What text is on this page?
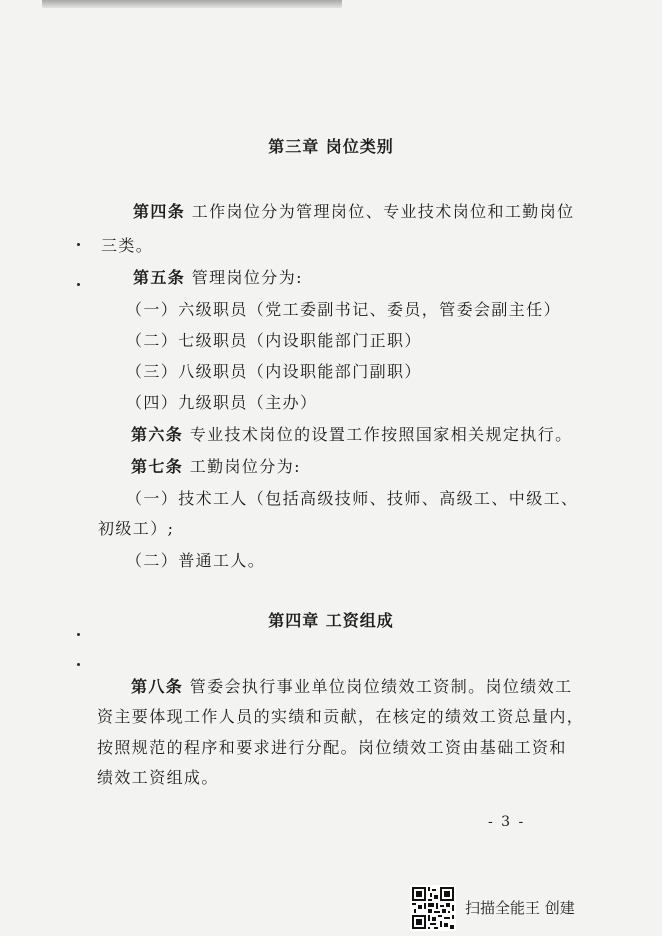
第三章 岗位类别
第四条 工作岗位分为管理岗位、专业技术岗位和工勤岗位
三类。
第五条 管理岗位分为:
（一）六级职员（党工委副书记、委员，管委会副主任）
（二）七级职员（内设职能部门正职）
（三）八级职员（内设职能部门副职）
（四）九级职员（主办）
第六条 专业技术岗位的设置工作按照国家相关规定执行。
第七条 工勤岗位分为:
（一）技术工人（包括高级技师、技师、高级工、中级工、
初级工）;
（二）普通工人。
第四章 工资组成
第八条 管委会执行事业单位岗位绩效工资制。岗位绩效工
资主要体现工作人员的实绩和贡献，在核定的绩效工资总量内，
按照规范的程序和要求进行分配。岗位绩效工资由基础工资和
绩效工资组成。
- 3 -
扫描全能王 创建
